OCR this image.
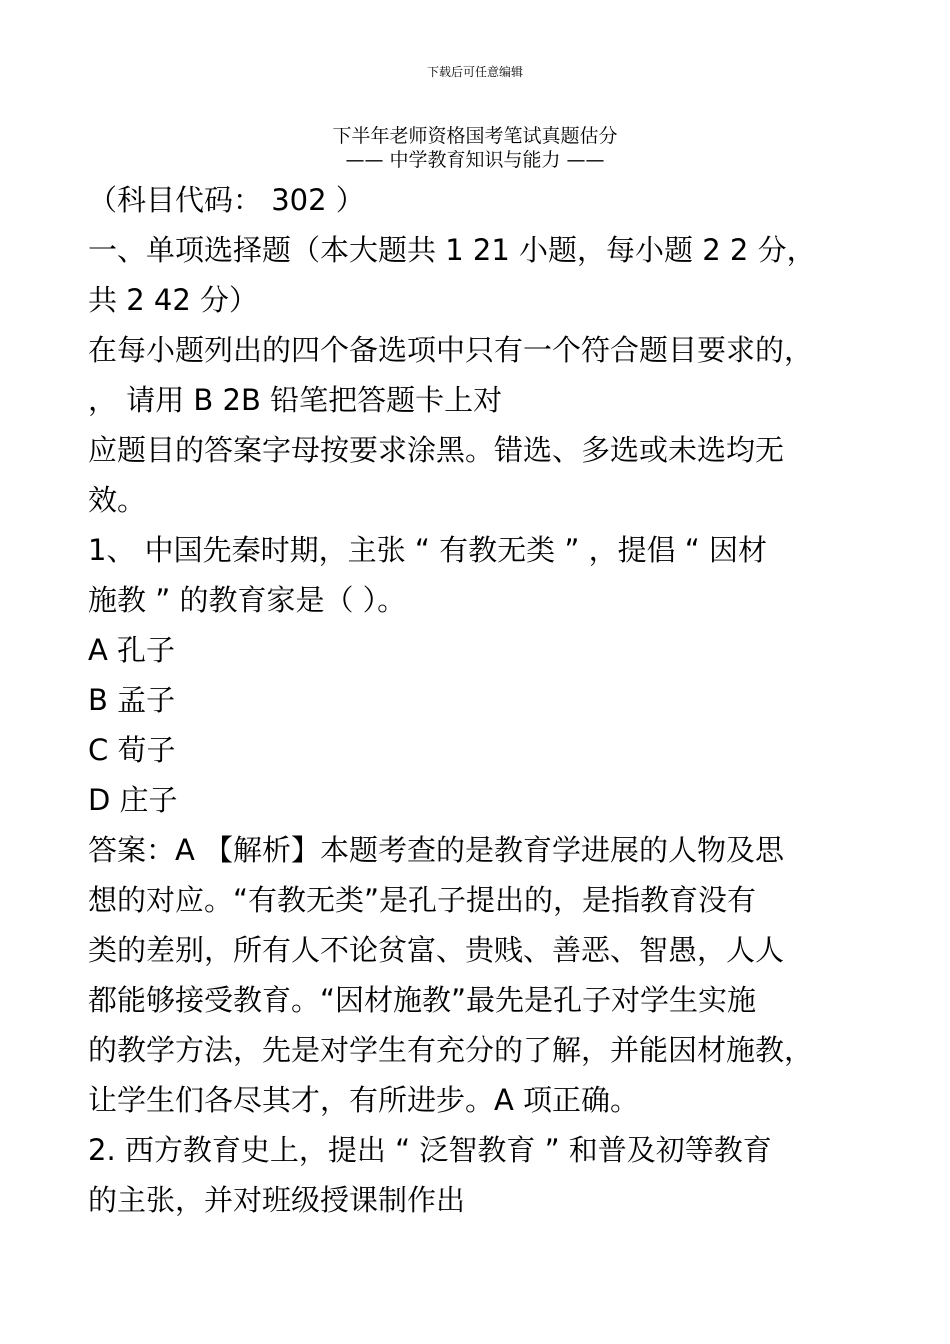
下载后可任意编辑
下半年老师资格国考笔试真题估分
—— 中学教育知识与能力 ——
（科目代码： 302 ）
一、单项选择题（本大题共 1 21 小题，每小题 2 2 分，
共 2 42 分）
在每小题列出的四个备选项中只有一个符合题目要求的，
， 请用 B 2B 铅笔把答题卡上对
应题目的答案字母按要求涂黑。错选、多选或未选均无
效。
1、 中国先秦时期，主张 “ 有教无类 ” ，提倡 “ 因材
施教 ” 的教育家是（ ）。
A 孔子
B 孟子
C 荀子
D 庄子
答案：A 【解析】本题考查的是教育学进展的人物及思
想的对应。“有教无类”是孔子提出的，是指教育没有
类的差别，所有人不论贫富、贵贱、善恶、智愚，人人
都能够接受教育。“因材施教”最先是孔子对学生实施
的教学方法，先是对学生有充分的了解，并能因材施教，
让学生们各尽其才，有所进步。A 项正确。
2. 西方教育史上，提出 “ 泛智教育 ” 和普及初等教育
的主张，并对班级授课制作出
